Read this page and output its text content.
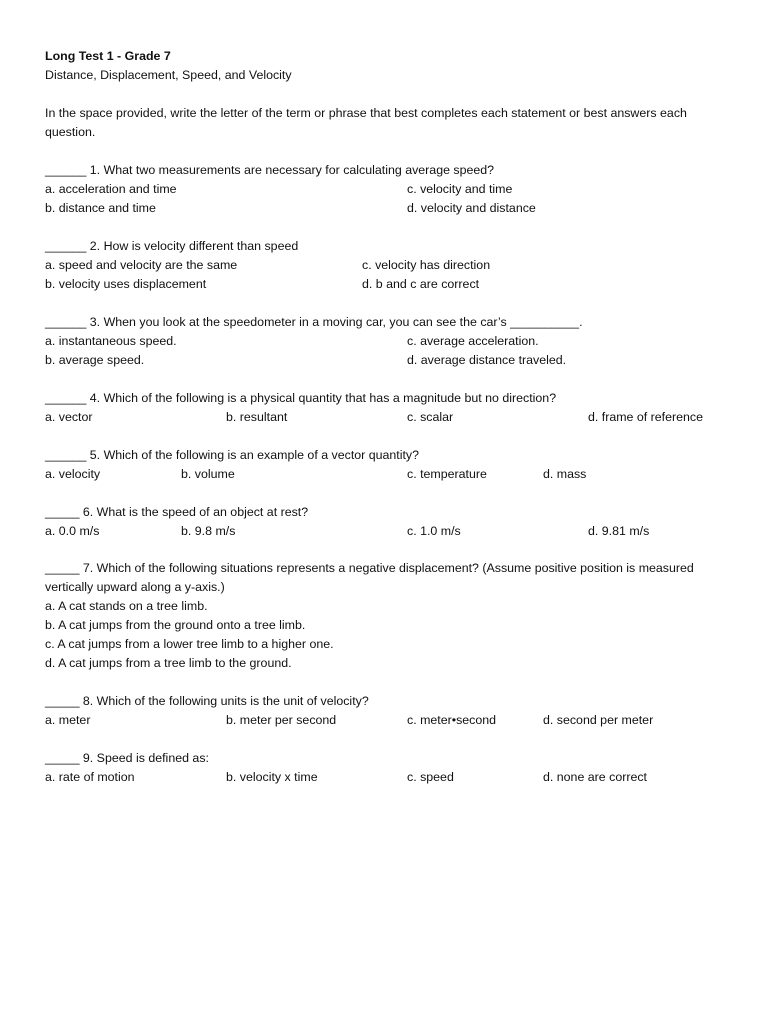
Long Test 1 - Grade 7
Distance, Displacement, Speed, and Velocity
In the space provided, write the letter of the term or phrase that best completes each statement or best answers each question.
______ 1. What two measurements are necessary for calculating average speed?
a. acceleration and time
b. distance and time
c. velocity and time
d. velocity and distance
______ 2. How is velocity different than speed
a. speed and velocity are the same
b. velocity uses displacement
c. velocity has direction
d. b and c are correct
______ 3. When you look at the speedometer in a moving car, you can see the car’s __________.
a. instantaneous speed.
b. average speed.
c. average acceleration.
d. average distance traveled.
______ 4. Which of the following is a physical quantity that has a magnitude but no direction?
a. vector	b. resultant	c. scalar	d. frame of reference
______ 5. Which of the following is an example of a vector quantity?
a. velocity	b. volume	c. temperature	d. mass
_____ 6. What is the speed of an object at rest?
a. 0.0 m/s	b. 9.8 m/s	c. 1.0 m/s	d. 9.81 m/s
_____ 7. Which of the following situations represents a negative displacement? (Assume positive position is measured vertically upward along a y-axis.)
a. A cat stands on a tree limb.
b. A cat jumps from the ground onto a tree limb.
c. A cat jumps from a lower tree limb to a higher one.
d. A cat jumps from a tree limb to the ground.
_____ 8. Which of the following units is the unit of velocity?
a. meter	b. meter per second	c. meter•second	d. second per meter
_____ 9. Speed is defined as:
a. rate of motion	b. velocity x time	c. speed	d. none are correct
